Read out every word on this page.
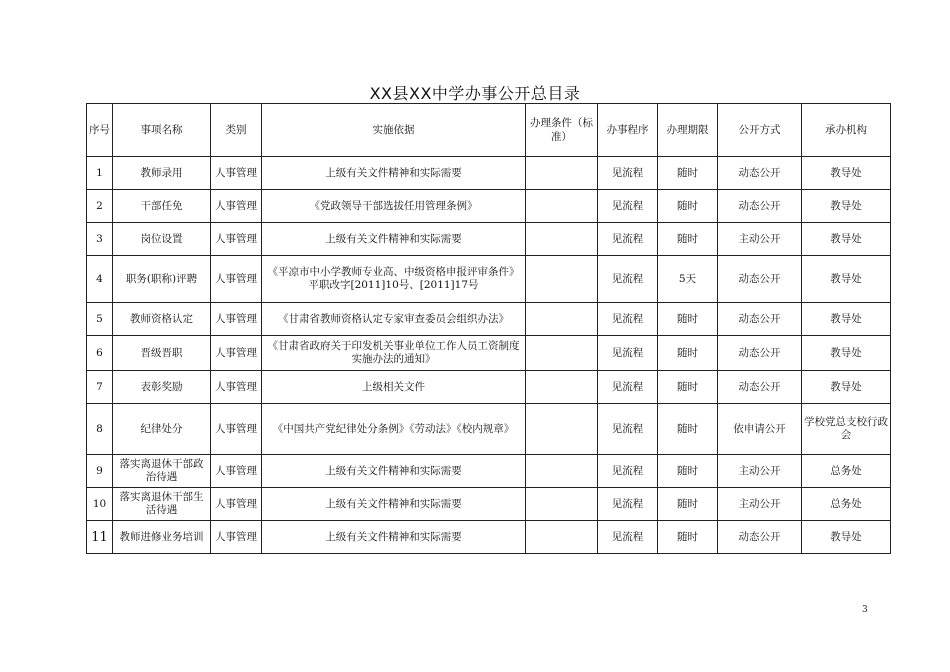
XX县XX中学办事公开总目录
序号	事项名称	类别	实施依据	办理条件（标准）	办事程序	办理期限	公开方式	承办机构
1	教师录用	人事管理	上级有关文件精神和实际需要		见流程	随时	动态公开	教导处
2	干部任免	人事管理	《党政领导干部选拔任用管理条例》		见流程	随时	动态公开	教导处
3	岗位设置	人事管理	上级有关文件精神和实际需要		见流程	随时	主动公开	教导处
4	职务(职称)评聘	人事管理	《平凉市中小学教师专业高、中级资格申报评审条件》平职改字[2011]10号、[2011]17号		见流程	5天	动态公开	教导处
5	教师资格认定	人事管理	《甘肃省教师资格认定专家审查委员会组织办法》		见流程	随时	动态公开	教导处
6	晋级晋职	人事管理	《甘肃省政府关于印发机关事业单位工作人员工资制度实施办法的通知》		见流程	随时	动态公开	教导处
7	表彰奖励	人事管理	上级相关文件		见流程	随时	动态公开	教导处
8	纪律处分	人事管理	《中国共产党纪律处分条例》《劳动法》《校内规章》		见流程	随时	依申请公开	学校党总支校行政会
9	落实离退休干部政治待遇	人事管理	上级有关文件精神和实际需要		见流程	随时	主动公开	总务处
10	落实离退休干部生活待遇	人事管理	上级有关文件精神和实际需要		见流程	随时	主动公开	总务处
11	教师进修业务培训	人事管理	上级有关文件精神和实际需要		见流程	随时	动态公开	教导处
3
